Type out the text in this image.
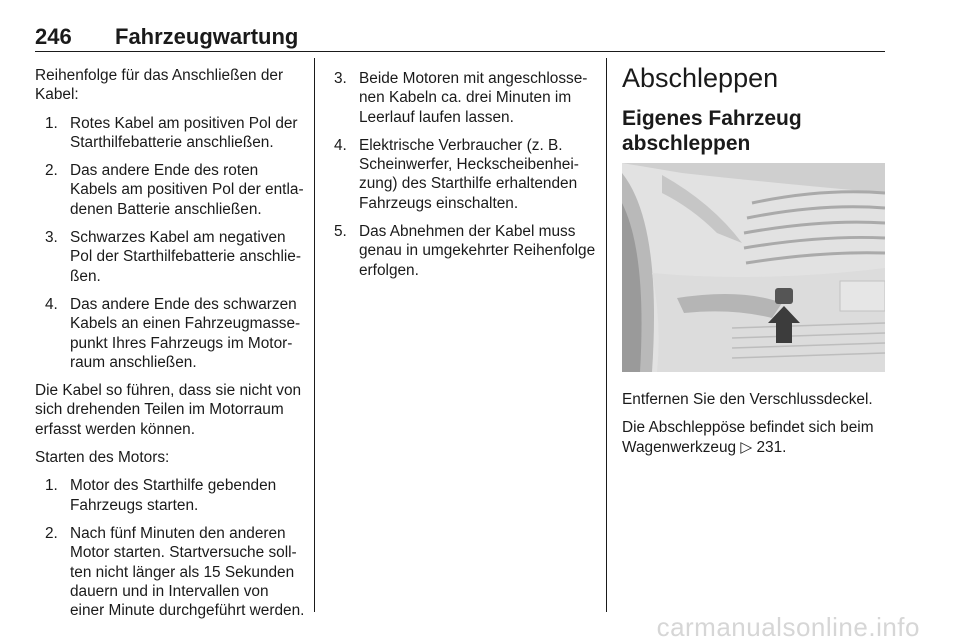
246 Fahrzeugwartung

Reihenfolge für das Anschließen der Kabel:

1. Rotes Kabel am positiven Pol der Starthilfebatterie anschließen.
2. Das andere Ende des roten Kabels am positiven Pol der entladenen Batterie anschließen.
3. Schwarzes Kabel am negativen Pol der Starthilfebatterie anschließen.
4. Das andere Ende des schwarzen Kabels an einen Fahrzeugmassepunkt Ihres Fahrzeugs im Motorraum anschließen.

Die Kabel so führen, dass sie nicht von sich drehenden Teilen im Motorraum erfasst werden können.

Starten des Motors:

1. Motor des Starthilfe gebenden Fahrzeugs starten.
2. Nach fünf Minuten den anderen Motor starten. Startversuche sollten nicht länger als 15 Sekunden dauern und in Intervallen von einer Minute durchgeführt werden.
3. Beide Motoren mit angeschlossenen Kabeln ca. drei Minuten im Leerlauf laufen lassen.
4. Elektrische Verbraucher (z. B. Scheinwerfer, Heckscheibenheizung) des Starthilfe erhaltenden Fahrzeugs einschalten.
5. Das Abnehmen der Kabel muss genau in umgekehrter Reihenfolge erfolgen.
Abschleppen
Eigenes Fahrzeug abschleppen

Entfernen Sie den Verschlussdeckel.

Die Abschleppöse befindet sich beim Wagenwerkzeug ▷ 231.

carmanualsonline.info
